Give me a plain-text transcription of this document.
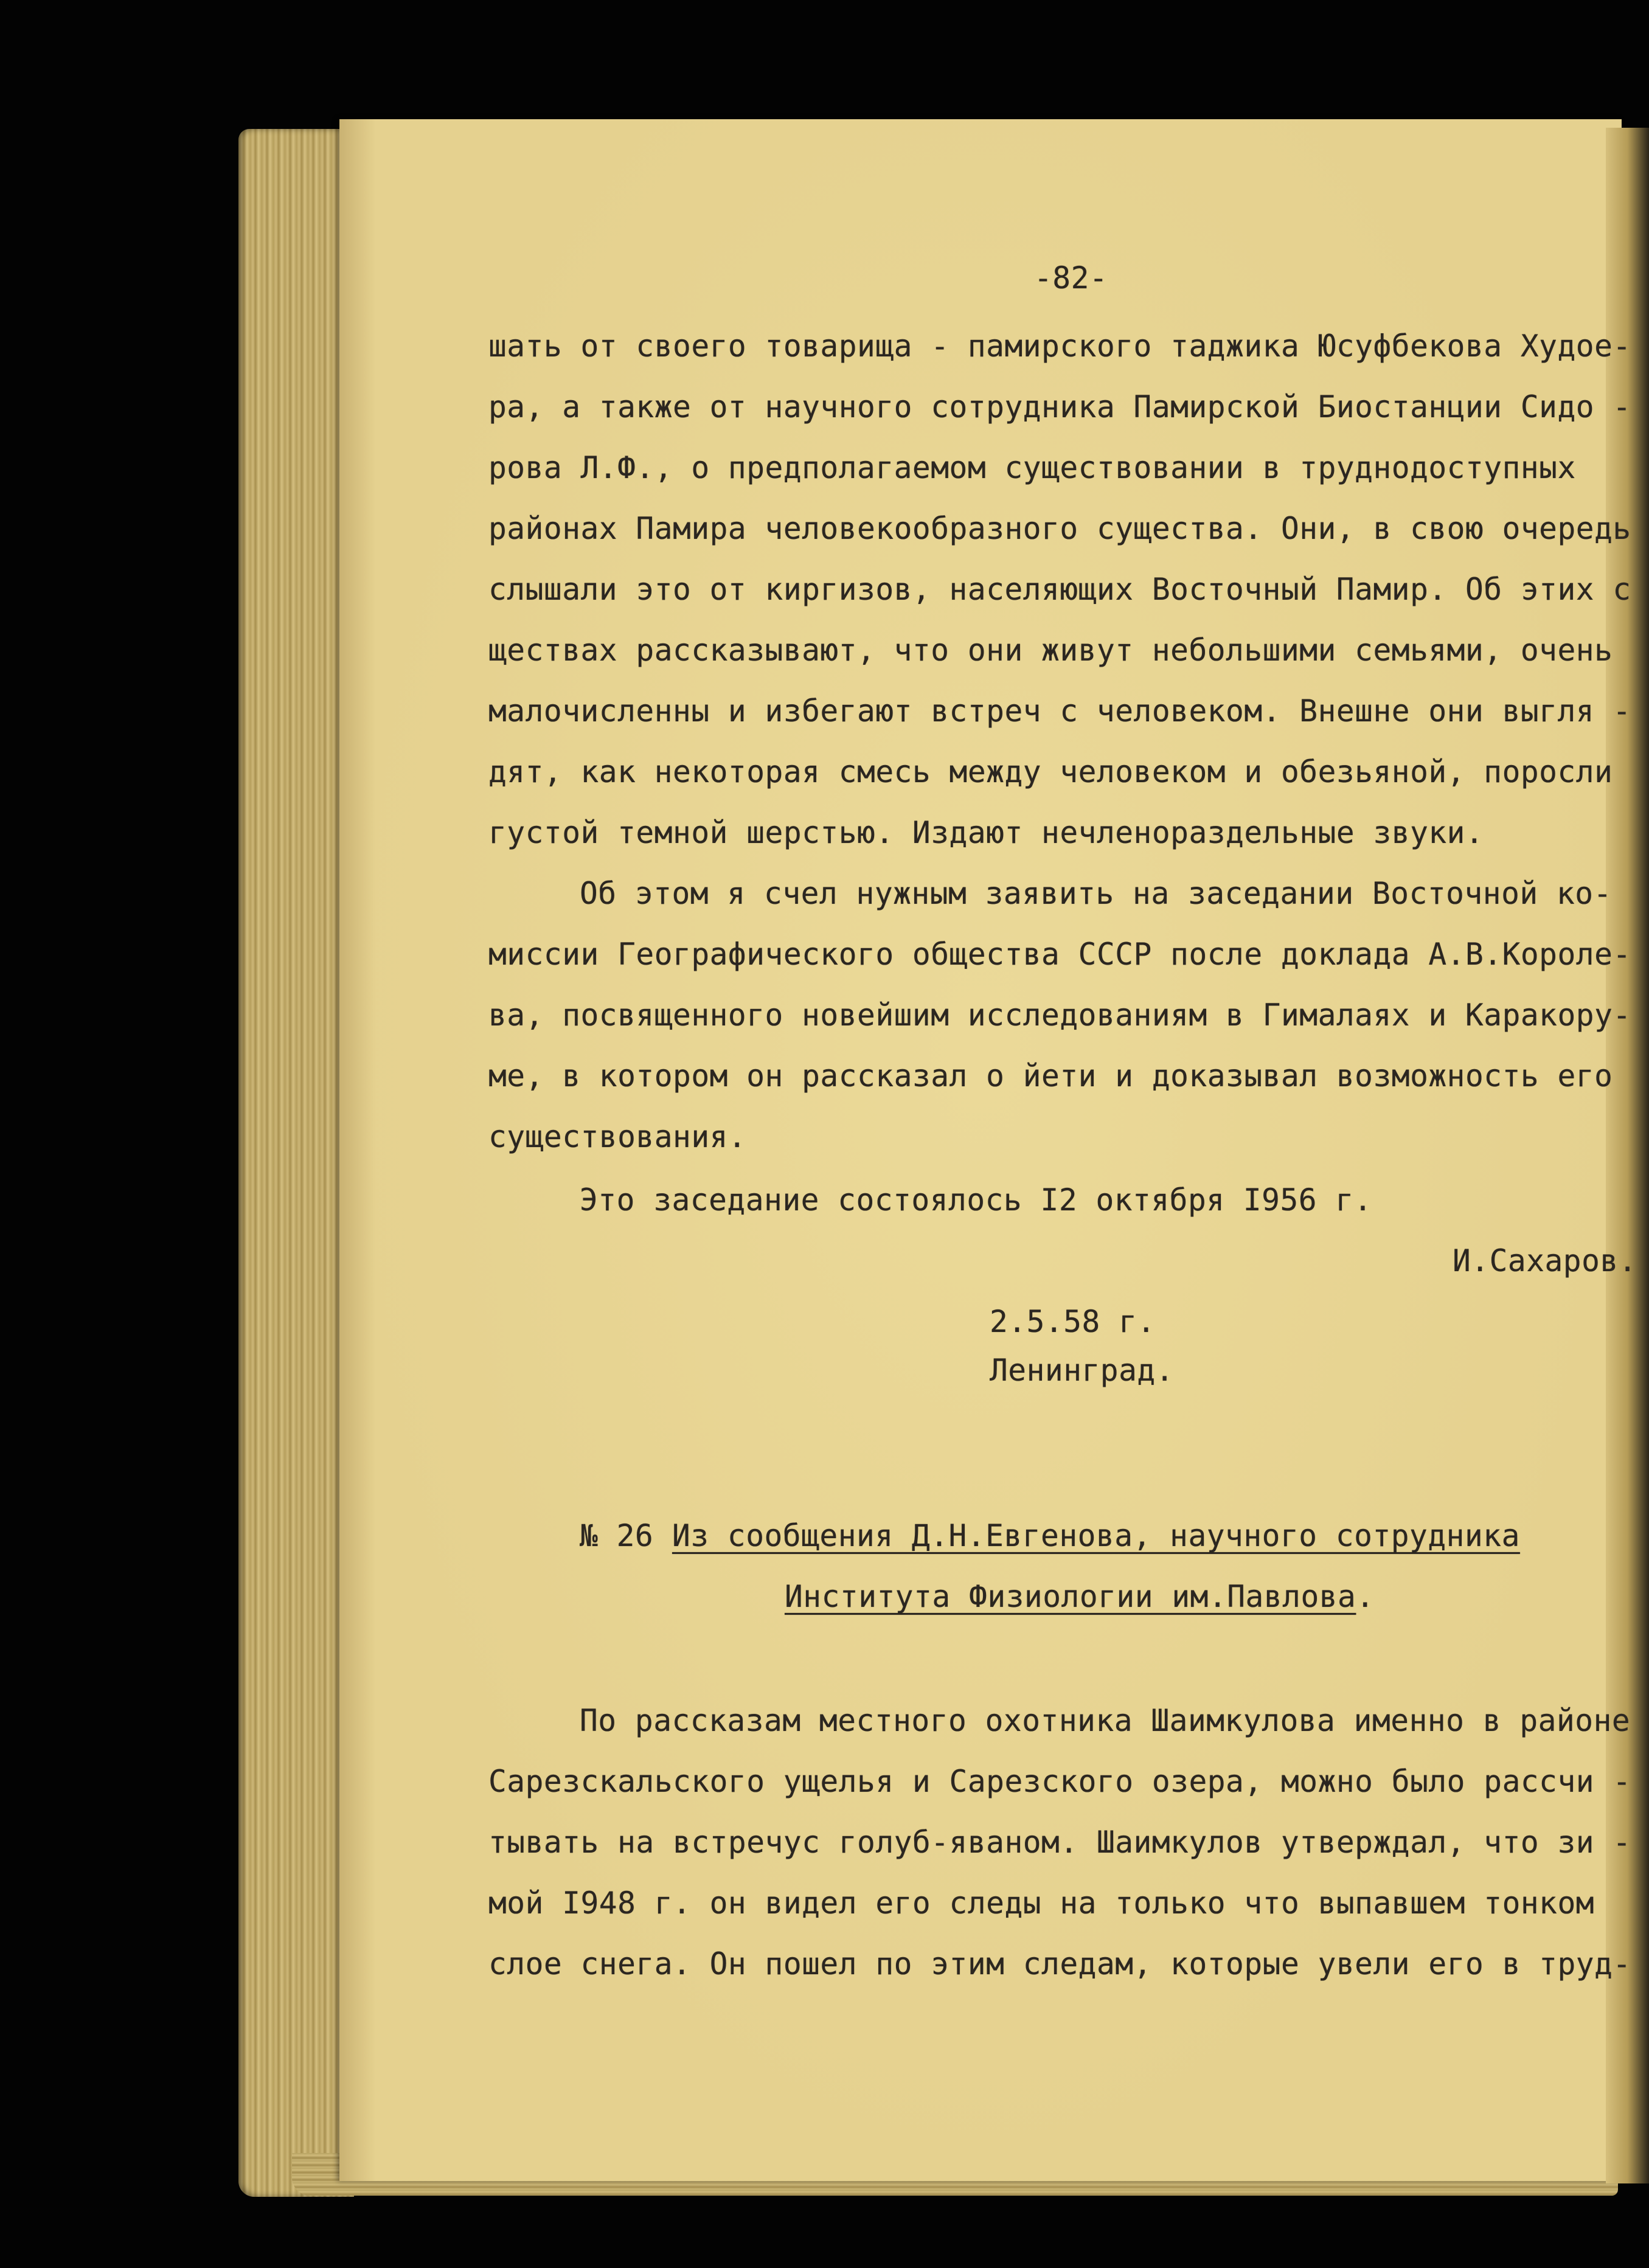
-82-
шать от своего товарища - памирского таджика Юсуфбекова Худое-
ра, а также от научного сотрудника Памирской Биостанции Сидо -
рова Л.Ф., о предполагаемом существовании в труднодоступных
районах Памира человекообразного существа. Они, в свою очередь
слышали это от киргизов, населяющих Восточный Памир. Об этих с
ществах рассказывают, что они живут небольшими семьями, очень
малочисленны и избегают встреч с человеком. Внешне они выгля -
дят, как некоторая смесь между человеком и обезьяной, поросли
густой темной шерстью. Издают нечленораздельные звуки.
Об этом я счел нужным заявить на заседании Восточной ко-
миссии Географического общества СССР после доклада А.В.Короле-
ва, посвященного новейшим исследованиям в Гималаях и Каракору-
ме, в котором он рассказал о йети и доказывал возможность его
существования.
Это заседание состоялось I2 октября I956 г.
И.Сахаров.
2.5.58 г.
Ленинград.
№ 26 Из сообщения Д.Н.Евгенова, научного сотрудника
Института Физиологии им.Павлова.
По рассказам местного охотника Шаимкулова именно в районе
Сарезскальского ущелья и Сарезского озера, можно было рассчи -
тывать на встречус голуб-яваном. Шаимкулов утверждал, что зи -
мой I948 г. он видел его следы на только что выпавшем тонком
слое снега. Он пошел по этим следам, которые увели его в труд-
